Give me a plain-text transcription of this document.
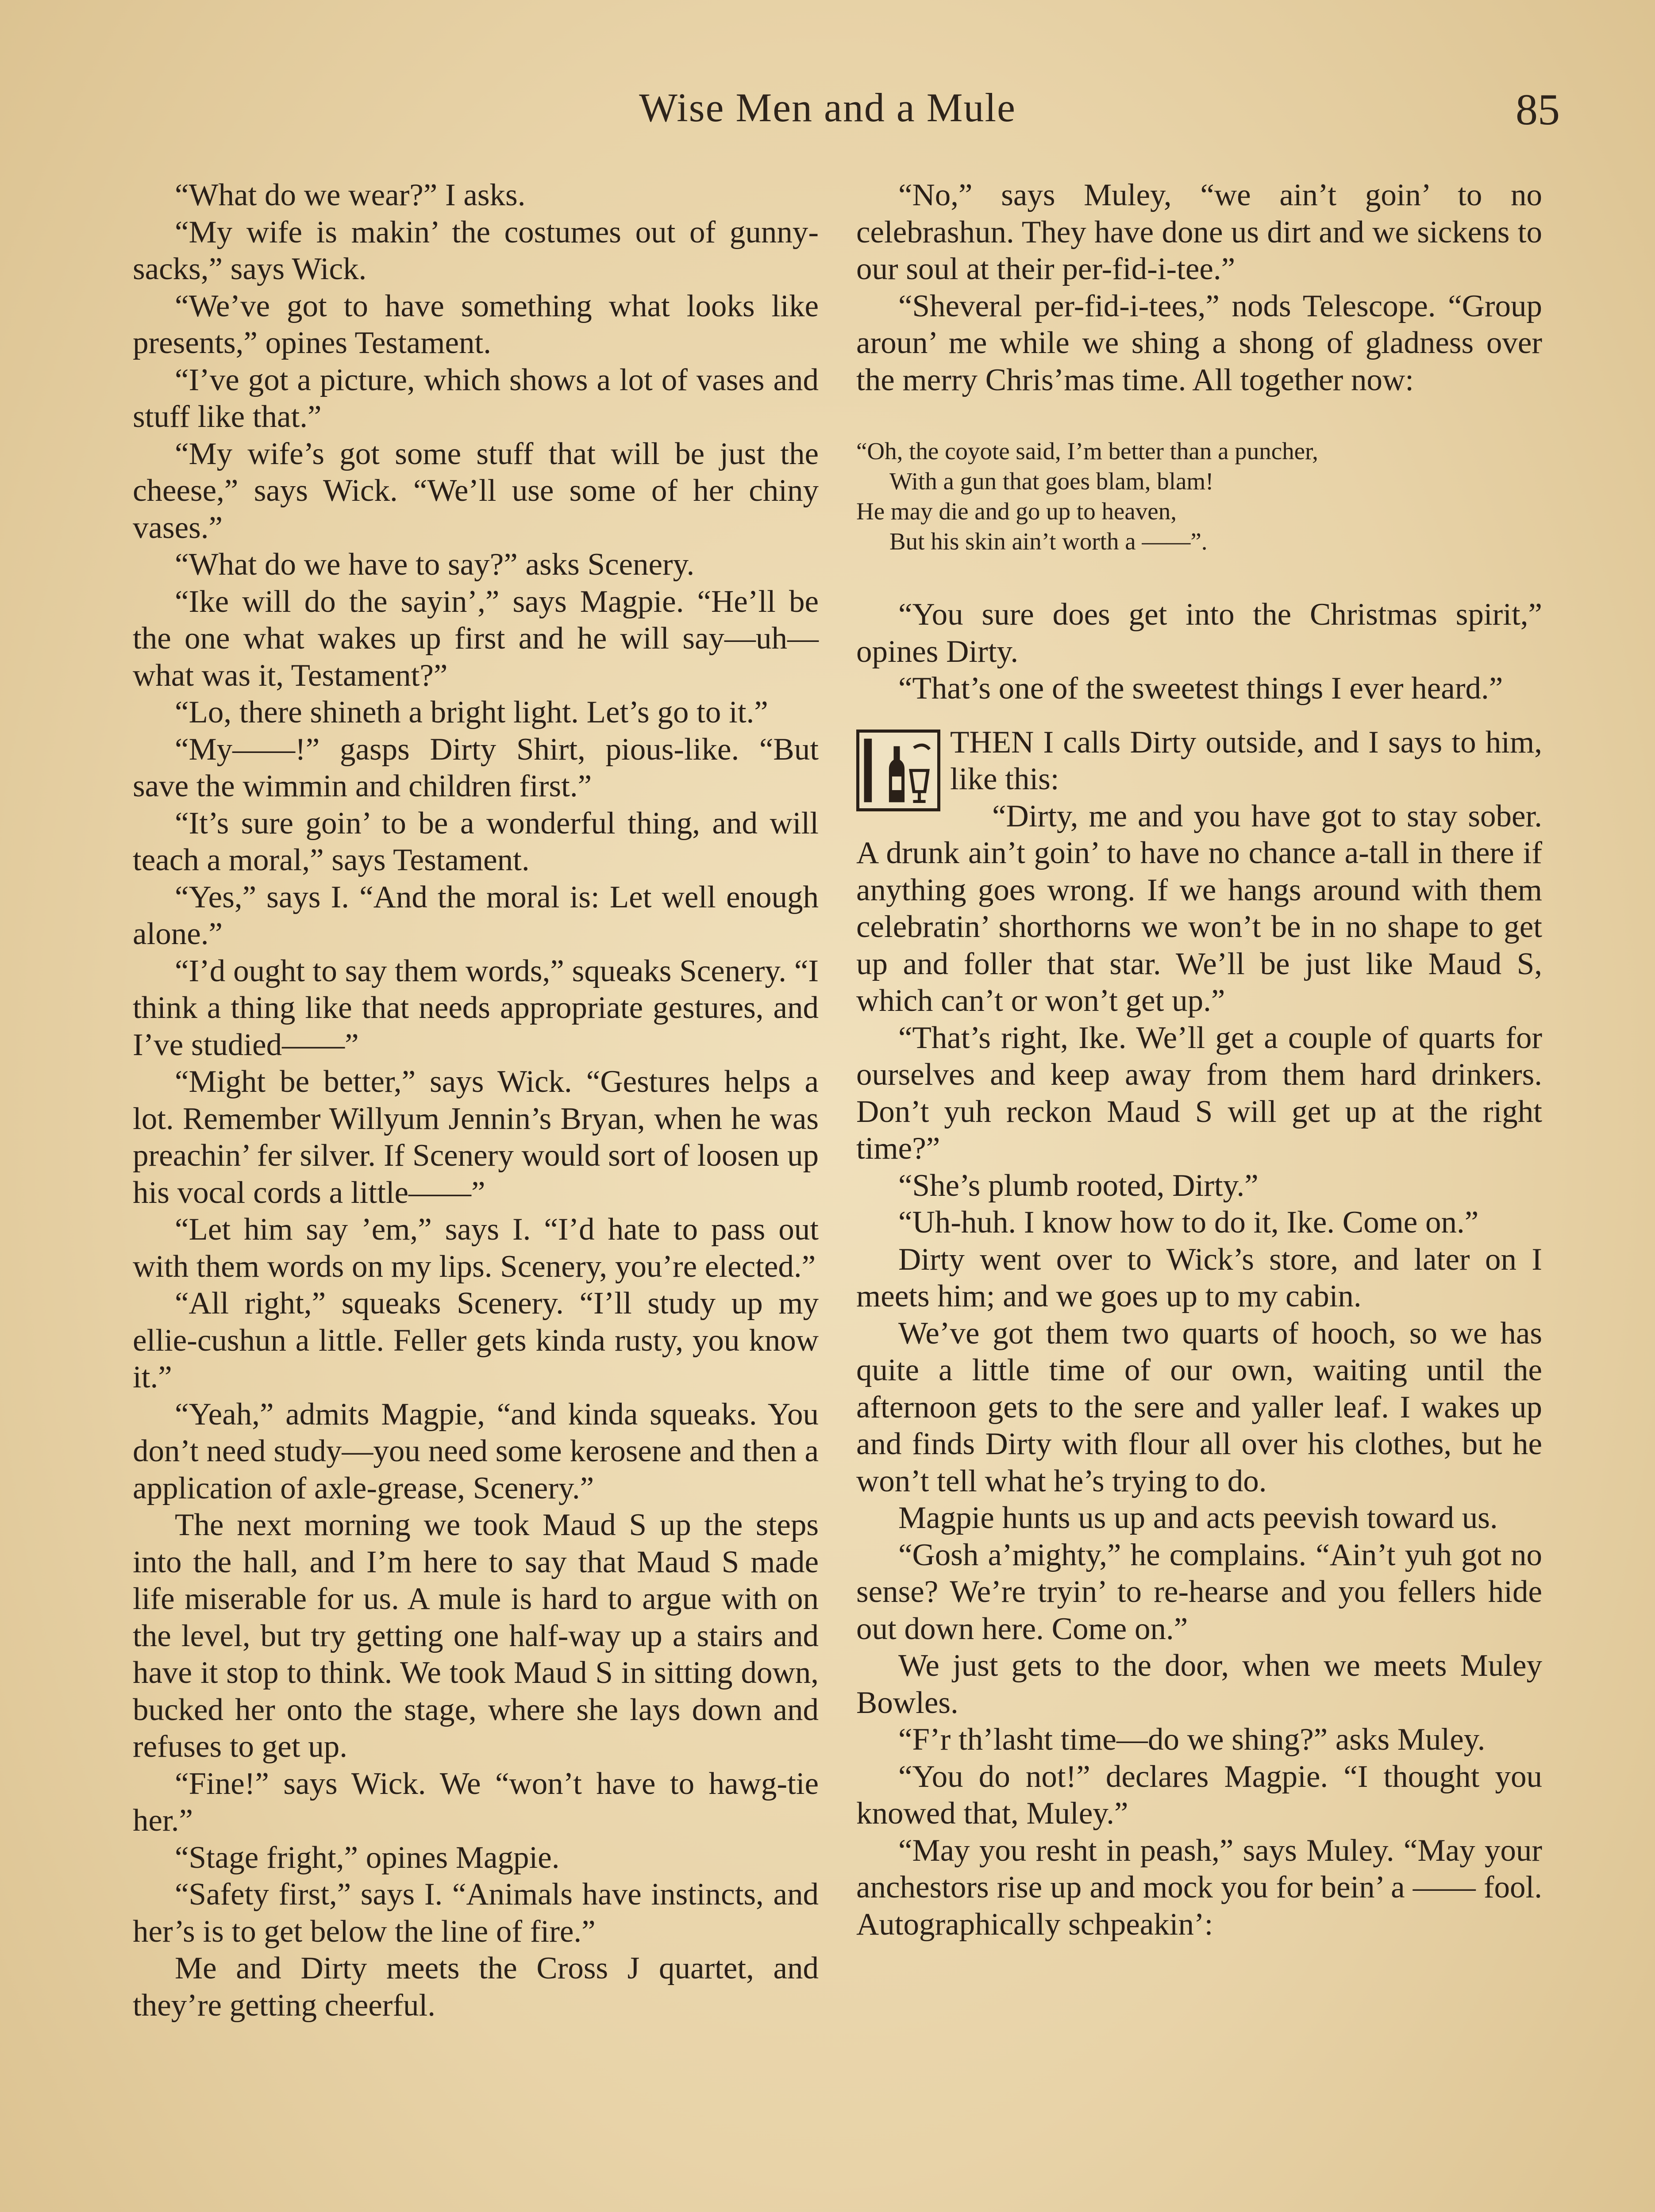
Wise Men and a Mule	85

“What do we wear?” I asks.

“My wife is makin’ the costumes out of gunny-sacks,” says Wick.

“We’ve got to have something what looks like presents,” opines Testament.

“I’ve got a picture, which shows a lot of vases and stuff like that.”

“My wife’s got some stuff that will be just the cheese,” says Wick. “We’ll use some of her chiny vases.”

“What do we have to say?” asks Scenery.

“Ike will do the sayin’,” says Magpie. “He’ll be the one what wakes up first and he will say—uh—what was it, Testament?”

“Lo, there shineth a bright light. Let’s go to it.”

“My——!” gasps Dirty Shirt, pious-like. “But save the wimmin and children first.”

“It’s sure goin’ to be a wonderful thing, and will teach a moral,” says Testament.

“Yes,” says I. “And the moral is: Let well enough alone.”

“I’d ought to say them words,” squeaks Scenery. “I think a thing like that needs appropriate gestures, and I’ve studied——”

“Might be better,” says Wick. “Gestures helps a lot. Remember Willyum Jennin’s Bryan, when he was preachin’ fer silver. If Scenery would sort of loosen up his vocal cords a little——”

“Let him say ’em,” says I. “I’d hate to pass out with them words on my lips. Scenery, you’re elected.”

“All right,” squeaks Scenery. “I’ll study up my ellie-cushun a little. Feller gets kinda rusty, you know it.”

“Yeah,” admits Magpie, “and kinda squeaks. You don’t need study—you need some kerosene and then a application of axle-grease, Scenery.”

The next morning we took Maud S up the steps into the hall, and I’m here to say that Maud S made life miserable for us. A mule is hard to argue with on the level, but try getting one half-way up a stairs and have it stop to think. We took Maud S in sitting down, bucked her onto the stage, where she lays down and refuses to get up.

“Fine!” says Wick. We “won’t have to hawg-tie her.”

“Stage fright,” opines Magpie.

“Safety first,” says I. “Animals have instincts, and her’s is to get below the line of fire.”

Me and Dirty meets the Cross J quartet, and they’re getting cheerful.

“No,” says Muley, “we ain’t goin’ to no celebrashun. They have done us dirt and we sickens to our soul at their per-fid-i-tee.”

“Sheveral per-fid-i-tees,” nods Telescope. “Group aroun’ me while we shing a shong of gladness over the merry Chris’mas time. All together now:

“Oh, the coyote said, I’m better than a puncher,
With a gun that goes blam, blam!
He may die and go up to heaven,
But his skin ain’t worth a ——”.

“You sure does get into the Christmas spirit,” opines Dirty.

“That’s one of the sweetest things I ever heard.”

THEN I calls Dirty outside, and I says to him, like this:

“Dirty, me and you have got to stay sober. A drunk ain’t goin’ to have no chance a-tall in there if anything goes wrong. If we hangs around with them celebratin’ shorthorns we won’t be in no shape to get up and foller that star. We’ll be just like Maud S, which can’t or won’t get up.”

“That’s right, Ike. We’ll get a couple of quarts for ourselves and keep away from them hard drinkers. Don’t yuh reckon Maud S will get up at the right time?”

“She’s plumb rooted, Dirty.”

“Uh-huh. I know how to do it, Ike. Come on.”

Dirty went over to Wick’s store, and later on I meets him; and we goes up to my cabin.

We’ve got them two quarts of hooch, so we has quite a little time of our own, waiting until the afternoon gets to the sere and yaller leaf. I wakes up and finds Dirty with flour all over his clothes, but he won’t tell what he’s trying to do.

Magpie hunts us up and acts peevish toward us.

“Gosh a’mighty,” he complains. “Ain’t yuh got no sense? We’re tryin’ to re-hearse and you fellers hide out down here. Come on.”

We just gets to the door, when we meets Muley Bowles.

“F’r th’lasht time—do we shing?” asks Muley.

“You do not!” declares Magpie. “I thought you knowed that, Muley.”

“May you resht in peash,” says Muley. “May your anchestors rise up and mock you for bein’ a —— fool. Autographically schpeakin’:
